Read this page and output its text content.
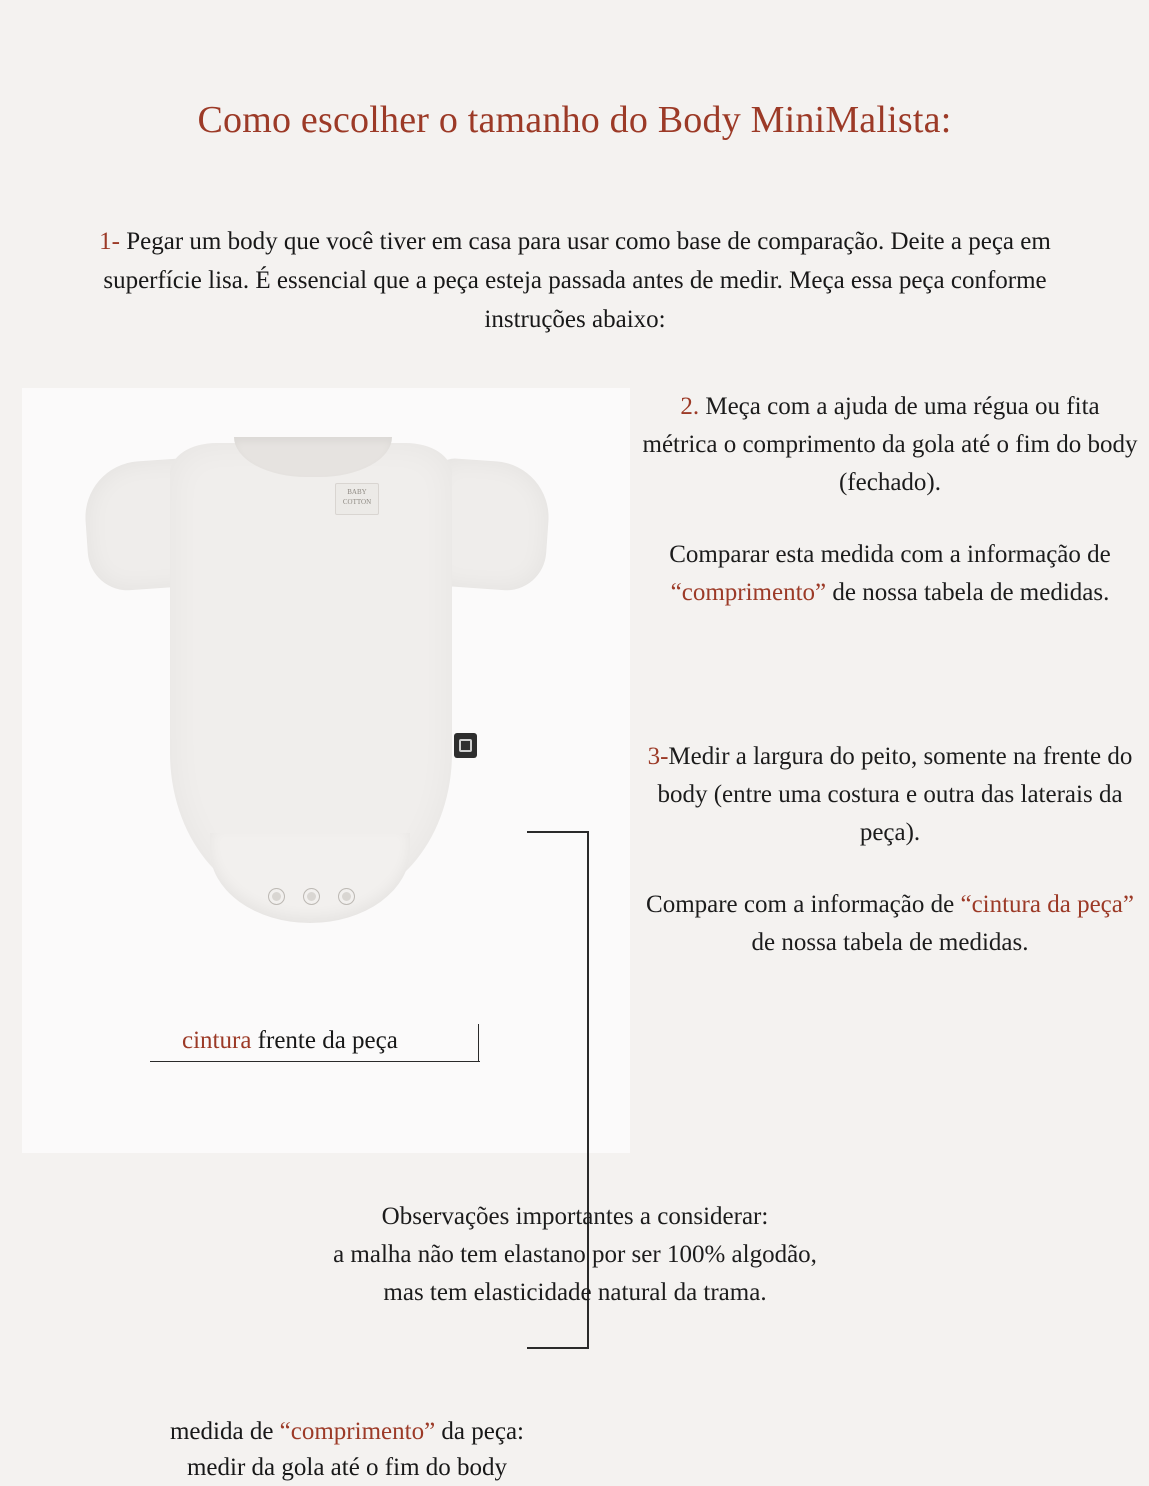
Como escolher o tamanho do Body MiniMalista:
1- Pegar um body que você tiver em casa para usar como base de comparação. Deite a peça em superfície lisa. É essencial que a peça esteja passada antes de medir. Meça essa peça conforme instruções abaixo:
BABY COTTON
cintura frente da peça
medida de “comprimento” da peça:
medir da gola até o fim do body
2. Meça com a ajuda de uma régua ou fita métrica o comprimento da gola até o fim do body (fechado).
Comparar esta medida com a informação de “comprimento” de nossa tabela de medidas.
3-Medir a largura do peito, somente na frente do body (entre uma costura e outra das laterais da peça).
Compare com a informação de “cintura da peça” de nossa tabela de medidas.
Observações importantes a considerar:
a malha não tem elastano por ser 100% algodão,
mas tem elasticidade natural da trama.
